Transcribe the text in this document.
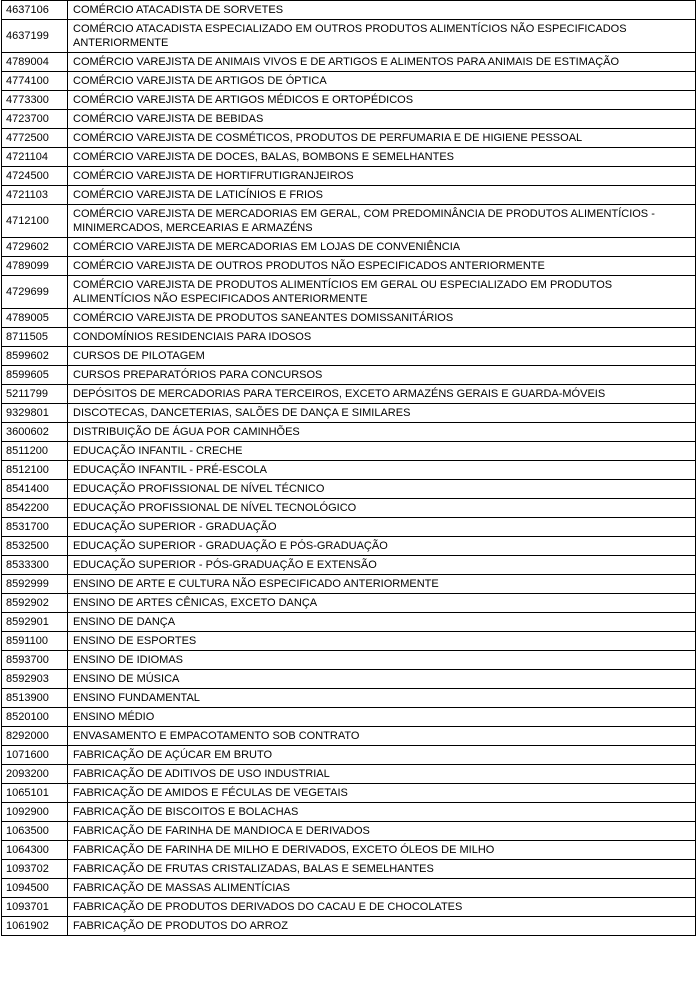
4637106	COMÉRCIO ATACADISTA DE SORVETES
4637199	COMÉRCIO ATACADISTA ESPECIALIZADO EM OUTROS PRODUTOS ALIMENTÍCIOS NÃO ESPECIFICADOS ANTERIORMENTE
4789004	COMÉRCIO VAREJISTA DE ANIMAIS VIVOS E DE ARTIGOS E ALIMENTOS PARA ANIMAIS DE ESTIMAÇÃO
4774100	COMÉRCIO VAREJISTA DE ARTIGOS DE ÓPTICA
4773300	COMÉRCIO VAREJISTA DE ARTIGOS MÉDICOS E ORTOPÉDICOS
4723700	COMÉRCIO VAREJISTA DE BEBIDAS
4772500	COMÉRCIO VAREJISTA DE COSMÉTICOS, PRODUTOS DE PERFUMARIA E DE HIGIENE PESSOAL
4721104	COMÉRCIO VAREJISTA DE DOCES, BALAS, BOMBONS E SEMELHANTES
4724500	COMÉRCIO VAREJISTA DE HORTIFRUTIGRANJEIROS
4721103	COMÉRCIO VAREJISTA DE LATICÍNIOS E FRIOS
4712100	COMÉRCIO VAREJISTA DE MERCADORIAS EM GERAL, COM PREDOMINÂNCIA DE PRODUTOS ALIMENTÍCIOS - MINIMERCADOS, MERCEARIAS E ARMAZÉNS
4729602	COMÉRCIO VAREJISTA DE MERCADORIAS EM LOJAS DE CONVENIÊNCIA
4789099	COMÉRCIO VAREJISTA DE OUTROS PRODUTOS NÃO ESPECIFICADOS ANTERIORMENTE
4729699	COMÉRCIO VAREJISTA DE PRODUTOS ALIMENTÍCIOS EM GERAL OU ESPECIALIZADO EM PRODUTOS ALIMENTÍCIOS NÃO ESPECIFICADOS ANTERIORMENTE
4789005	COMÉRCIO VAREJISTA DE PRODUTOS SANEANTES DOMISSANITÁRIOS
8711505	CONDOMÍNIOS RESIDENCIAIS PARA IDOSOS
8599602	CURSOS DE PILOTAGEM
8599605	CURSOS PREPARATÓRIOS PARA CONCURSOS
5211799	DEPÓSITOS DE MERCADORIAS PARA TERCEIROS, EXCETO ARMAZÉNS GERAIS E GUARDA-MÓVEIS
9329801	DISCOTECAS, DANCETERIAS, SALÕES DE DANÇA E SIMILARES
3600602	DISTRIBUIÇÃO DE ÁGUA POR CAMINHÕES
8511200	EDUCAÇÃO INFANTIL - CRECHE
8512100	EDUCAÇÃO INFANTIL - PRÉ-ESCOLA
8541400	EDUCAÇÃO PROFISSIONAL DE NÍVEL TÉCNICO
8542200	EDUCAÇÃO PROFISSIONAL DE NÍVEL TECNOLÓGICO
8531700	EDUCAÇÃO SUPERIOR - GRADUAÇÃO
8532500	EDUCAÇÃO SUPERIOR - GRADUAÇÃO E PÓS-GRADUAÇÃO
8533300	EDUCAÇÃO SUPERIOR - PÓS-GRADUAÇÃO E EXTENSÃO
8592999	ENSINO DE ARTE E CULTURA NÃO ESPECIFICADO ANTERIORMENTE
8592902	ENSINO DE ARTES CÊNICAS, EXCETO DANÇA
8592901	ENSINO DE DANÇA
8591100	ENSINO DE ESPORTES
8593700	ENSINO DE IDIOMAS
8592903	ENSINO DE MÚSICA
8513900	ENSINO FUNDAMENTAL
8520100	ENSINO MÉDIO
8292000	ENVASAMENTO E EMPACOTAMENTO SOB CONTRATO
1071600	FABRICAÇÃO DE AÇÚCAR EM BRUTO
2093200	FABRICAÇÃO DE ADITIVOS DE USO INDUSTRIAL
1065101	FABRICAÇÃO DE AMIDOS E FÉCULAS DE VEGETAIS
1092900	FABRICAÇÃO DE BISCOITOS E BOLACHAS
1063500	FABRICAÇÃO DE FARINHA DE MANDIOCA E DERIVADOS
1064300	FABRICAÇÃO DE FARINHA DE MILHO E DERIVADOS, EXCETO ÓLEOS DE MILHO
1093702	FABRICAÇÃO DE FRUTAS CRISTALIZADAS, BALAS E SEMELHANTES
1094500	FABRICAÇÃO DE MASSAS ALIMENTÍCIAS
1093701	FABRICAÇÃO DE PRODUTOS DERIVADOS DO CACAU E DE CHOCOLATES
1061902	FABRICAÇÃO DE PRODUTOS DO ARROZ
